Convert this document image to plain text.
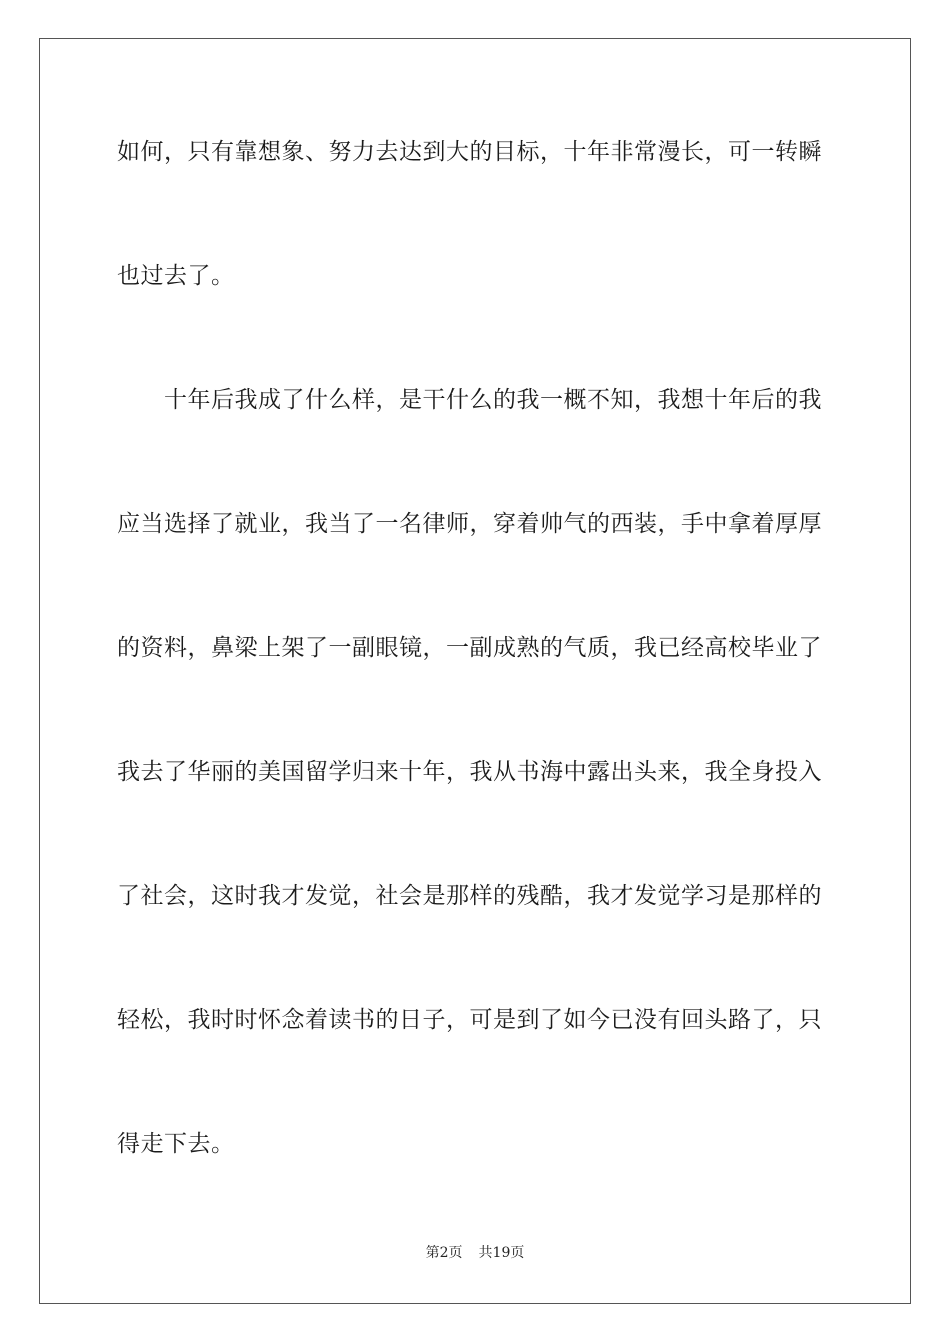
如何，只有靠想象、努力去达到大的目标，十年非常漫长，可一转瞬
也过去了。
　　十年后我成了什么样，是干什么的我一概不知，我想十年后的我
应当选择了就业，我当了一名律师，穿着帅气的西装，手中拿着厚厚
的资料，鼻梁上架了一副眼镜，一副成熟的气质，我已经高校毕业了
我去了华丽的美国留学归来十年，我从书海中露出头来，我全身投入
了社会，这时我才发觉，社会是那样的残酷，我才发觉学习是那样的
轻松，我时时怀念着读书的日子，可是到了如今已没有回头路了，只
得走下去。
第2页 共19页
